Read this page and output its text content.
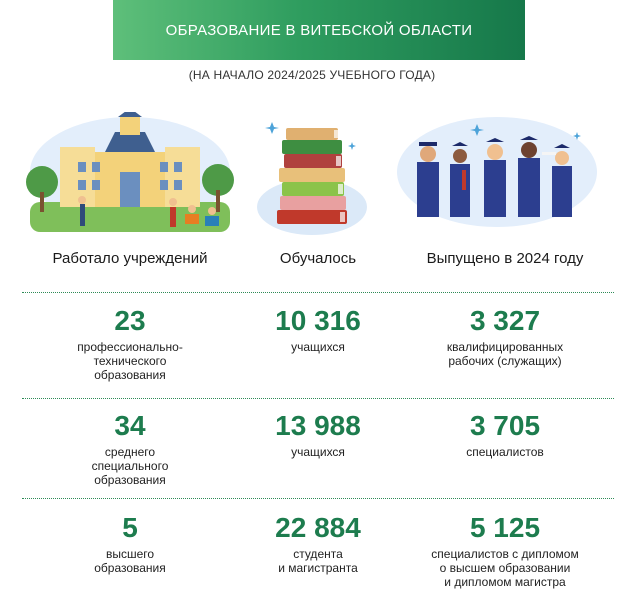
ОБРАЗОВАНИЕ В ВИТЕБСКОЙ ОБЛАСТИ
(НА НАЧАЛО 2024/2025 УЧЕБНОГО ГОДА)
Работало учреждений	Обучалось	Выпущено в 2024 году
23
профессионально-
технического
образования
10 316
учащихся
3 327
квалифицированных
рабочих (служащих)
34
среднего
специального
образования
13 988
учащихся
3 705
специалистов
5
высшего
образования
22 884
студента
и магистранта
5 125
специалистов с дипломом
о высшем образовании
и дипломом магистра
